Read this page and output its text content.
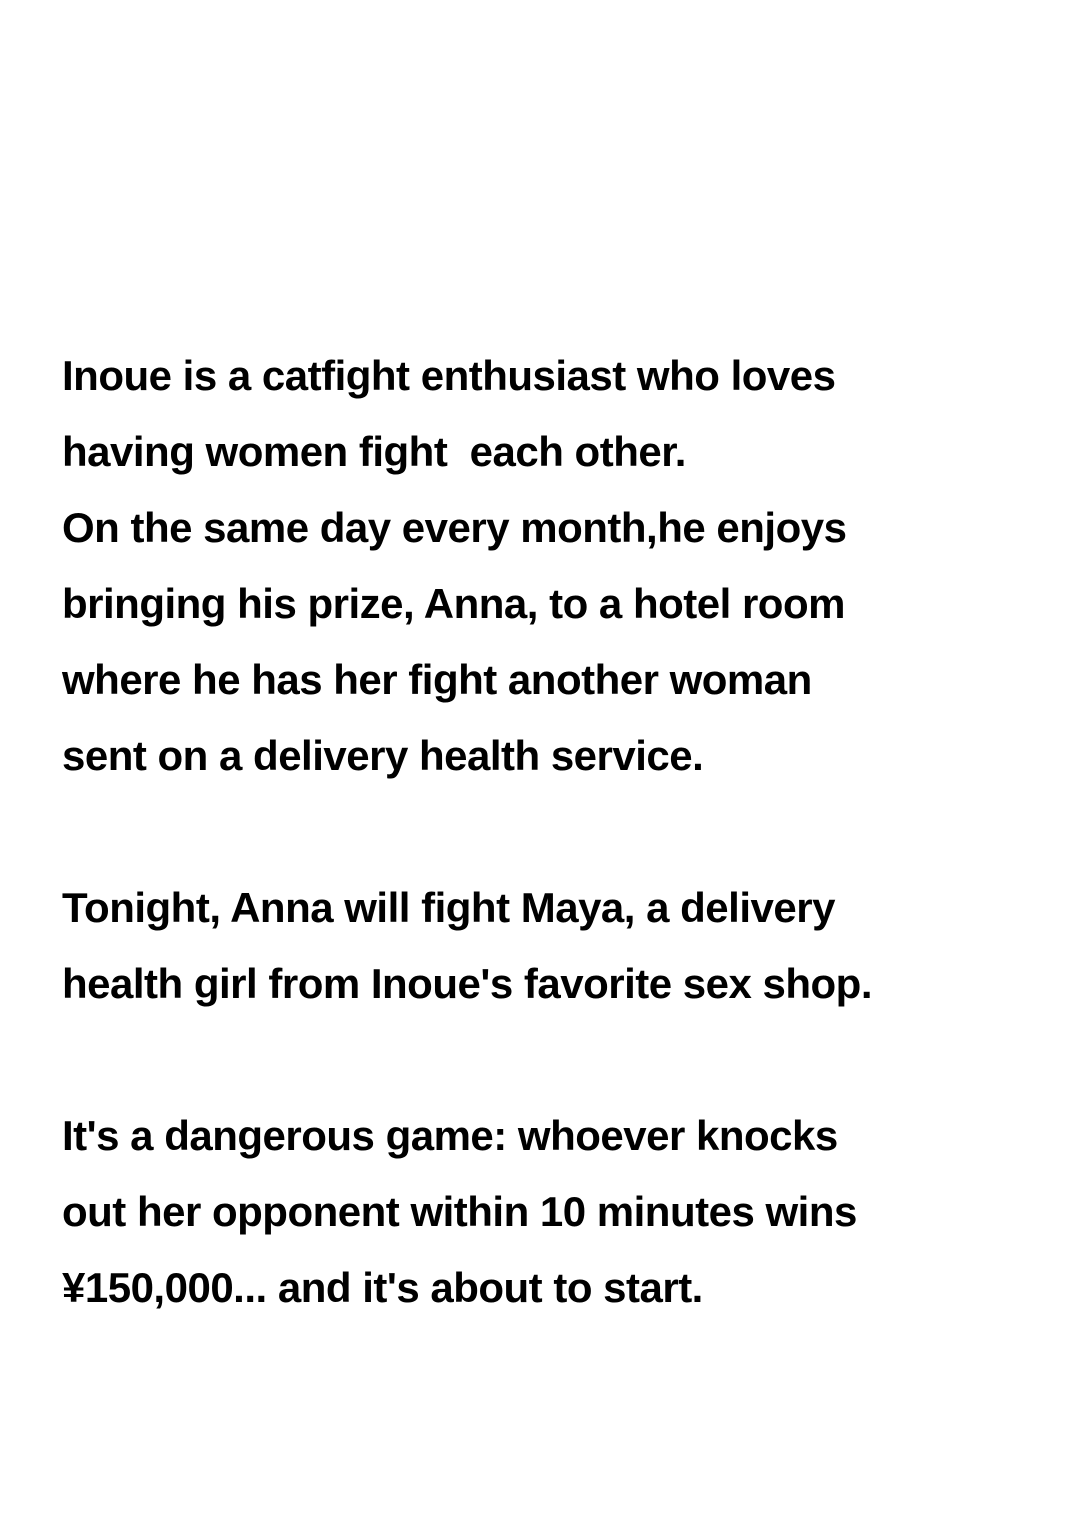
Inoue is a catfight enthusiast who loves
having women fight  each other.
On the same day every month,he enjoys
bringing his prize, Anna, to a hotel room
where he has her fight another woman
sent on a delivery health service.
Tonight, Anna will fight Maya, a delivery
health girl from Inoue's favorite sex shop.
It's a dangerous game: whoever knocks
out her opponent within 10 minutes wins
¥150,000... and it's about to start.
